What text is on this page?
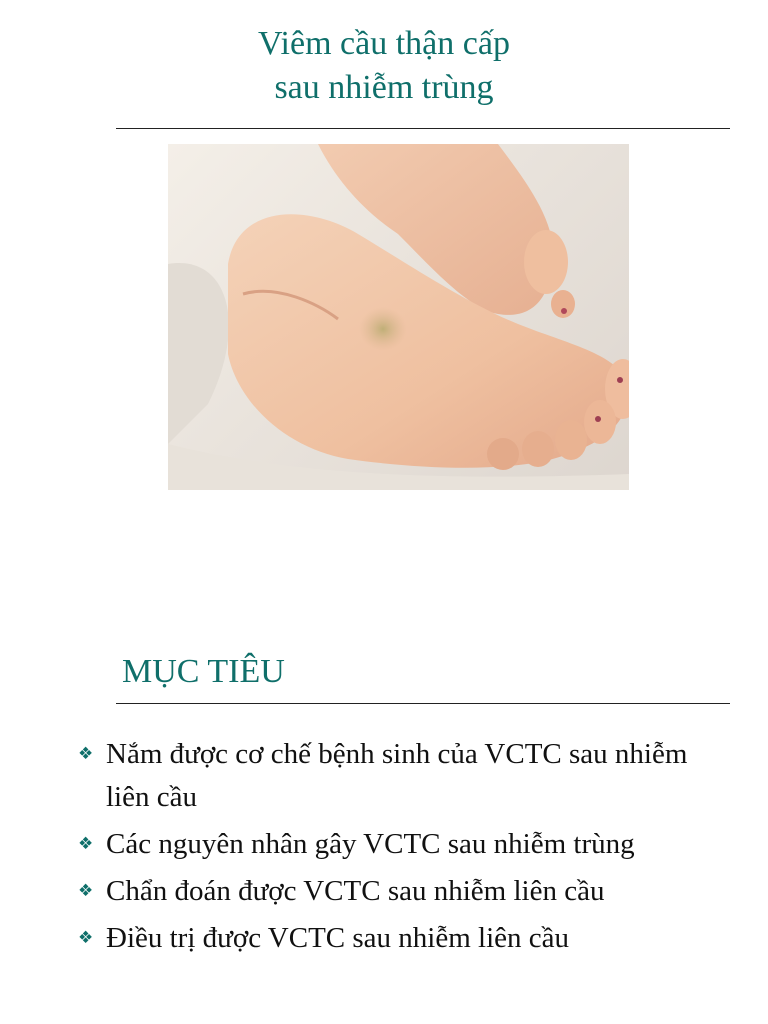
Viêm cầu thận cấp
sau nhiễm trùng
MỤC TIÊU
❖ Nắm được cơ chế bệnh sinh của VCTC sau nhiễm liên cầu
❖ Các nguyên nhân gây VCTC sau nhiễm trùng
❖ Chẩn đoán được VCTC sau nhiễm liên cầu
❖ Điều trị được VCTC sau nhiễm liên cầu
